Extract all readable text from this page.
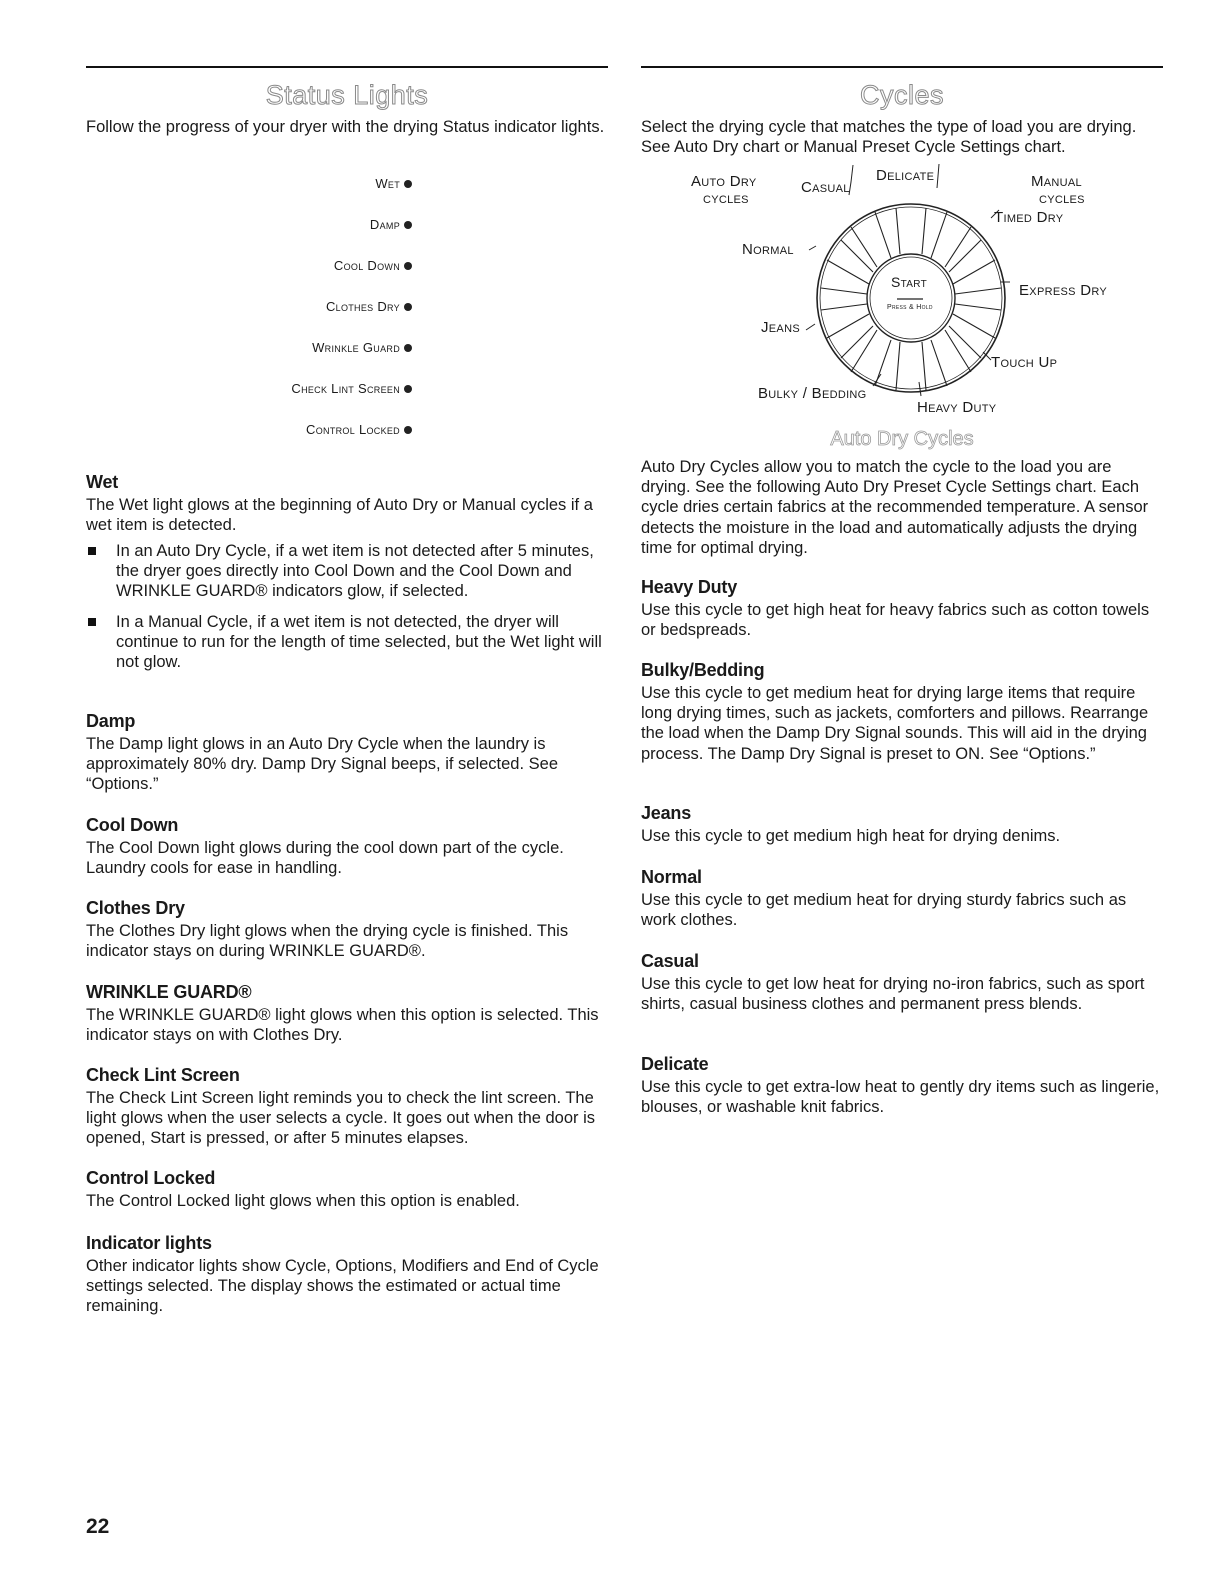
Status Lights

Follow the progress of your dryer with the drying Status indicator lights.

Wet
Damp
Cool Down
Clothes Dry
Wrinkle Guard
Check Lint Screen
Control Locked
Wet

The Wet light glows at the beginning of Auto Dry or Manual cycles if a wet item is detected.

In an Auto Dry Cycle, if a wet item is not detected after 5 minutes, the dryer goes directly into Cool Down and the Cool Down and WRINKLE GUARD® indicators glow, if selected.
In a Manual Cycle, if a wet item is not detected, the dryer will continue to run for the length of time selected, but the Wet light will not glow.
Damp

The Damp light glows in an Auto Dry Cycle when the laundry is approximately 80% dry. Damp Dry Signal beeps, if selected. See “Options.”

Cool Down

The Cool Down light glows during the cool down part of the cycle. Laundry cools for ease in handling.

Clothes Dry

The Clothes Dry light glows when the drying cycle is finished. This indicator stays on during WRINKLE GUARD®.

WRINKLE GUARD®

The WRINKLE GUARD® light glows when this option is selected. This indicator stays on with Clothes Dry.

Check Lint Screen

The Check Lint Screen light reminds you to check the lint screen. The light glows when the user selects a cycle. It goes out when the door is opened, Start is pressed, or after 5 minutes elapses.

Control Locked

The Control Locked light glows when this option is enabled.

Indicator lights

Other indicator lights show Cycle, Options, Modifiers and End of Cycle settings selected. The display shows the estimated or actual time remaining.

Cycles

Select the drying cycle that matches the type of load you are drying. See Auto Dry chart or Manual Preset Cycle Settings chart.

Auto Dry
cycles
Casual
Delicate	Manual
cycles
Timed Dry
Normal
Express Dry
Jeans
Touch Up
Bulky / Bedding
Heavy Duty
Start
Press & Hold
Auto Dry Cycles

Auto Dry Cycles allow you to match the cycle to the load you are drying. See the following Auto Dry Preset Cycle Settings chart. Each cycle dries certain fabrics at the recommended temperature. A sensor detects the moisture in the load and automatically adjusts the drying time for optimal drying.

Heavy Duty

Use this cycle to get high heat for heavy fabrics such as cotton towels or bedspreads.

Bulky/Bedding

Use this cycle to get medium heat for drying large items that require long drying times, such as jackets, comforters and pillows. Rearrange the load when the Damp Dry Signal sounds. This will aid in the drying process. The Damp Dry Signal is preset to ON. See “Options.”

Jeans

Use this cycle to get medium high heat for drying denims.

Normal

Use this cycle to get medium heat for drying sturdy fabrics such as work clothes.

Casual

Use this cycle to get low heat for drying no-iron fabrics, such as sport shirts, casual business clothes and permanent press blends.

Delicate

Use this cycle to get extra-low heat to gently dry items such as lingerie, blouses, or washable knit fabrics.

22
